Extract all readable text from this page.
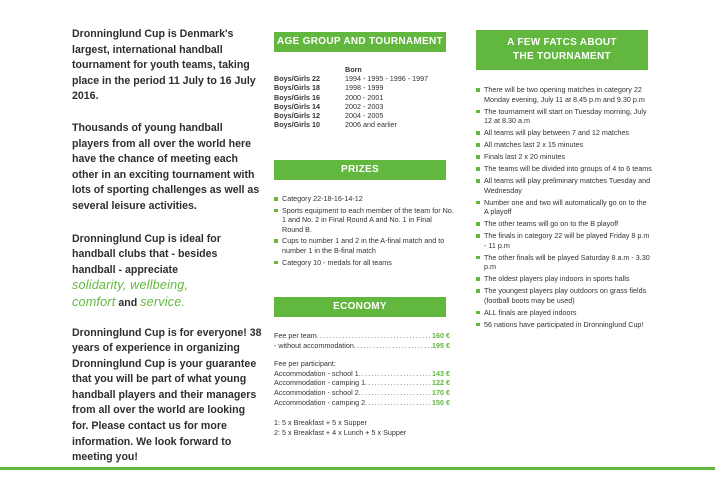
Dronninglund Cup is Denmark's largest, international handball tournament for youth teams, taking place in the period 11 July to 16 July 2016.

Thousands of young handball players from all over the world here have the chance of meeting each other in an exciting tournament with lots of sporting challenges as well as several leisure activities.

Dronninglund Cup is ideal for handball clubs that - besides handball - appreciate
solidarity, wellbeing,
comfort and service.

Dronninglund Cup is for everyone! 38 years of experience in organizing Dronninglund Cup is your guarantee that you will be part of what young handball players and their managers from all over the world are looking for. Please contact us for more information. We look forward to meeting you!

AGE GROUP AND TOURNAMENT
Born
Boys/Girls 22	1994 - 1995 - 1996 - 1997
Boys/Girls 18	1998 - 1999
Boys/Girls 16	2000 - 2001
Boys/Girls 14	2002 - 2003
Boys/Girls 12	2004 - 2005
Boys/Girls 10	2006 and earlier
PRIZES
Category 22-18-16-14-12
Sports equipment to each member of the team for No. 1 and No. 2 in Final Round A and No. 1 in Final Round B.
Cups to number 1 and 2 in the A-final match and to number 1 in the B-final match
Category 10 - medals for all teams
ECONOMY
Fee per team .....	160 €
- without accommodation .....	195 €
Fee per participant:
Accommodation - school 1 .....	143 €
Accommodation - camping 1 .....	122 €
Accommodation - school 2 .....	170 €
Accommodation - camping 2 .....	150 €
1: 5 x Breakfast + 5 x Supper
2: 5 x Breakfast + 4 x Lunch + 5 x Supper
A FEW FATCS ABOUT
THE TOURNAMENT
There will be two opening matches in category 22 Monday evening, July 11 at 8.45 p.m and 9.30 p.m
The tournament will start on Tuesday morning, July 12 at 8.30 a.m
All teams will play between 7 and 12 matches
All matches last 2 x 15 minutes
Finals last 2 x 20 minutes
The teams will be divided into groups of 4 to 6 teams
All teams will play preliminary matches Tuesday and Wednesday
Number one and two will automatically go on to the A playoff
The other teams will go on to the B playoff
The finals in category 22 will be played Friday 8 p.m - 11 p.m
The other finals will be played Saturday 8 a.m - 3.30 p.m
The oldest players play indoors in sports halls
The youngest players play outdoors on grass fields (football boots may be used)
ALL finals are played indoors
56 nations have participated in Dronninglund Cup!
